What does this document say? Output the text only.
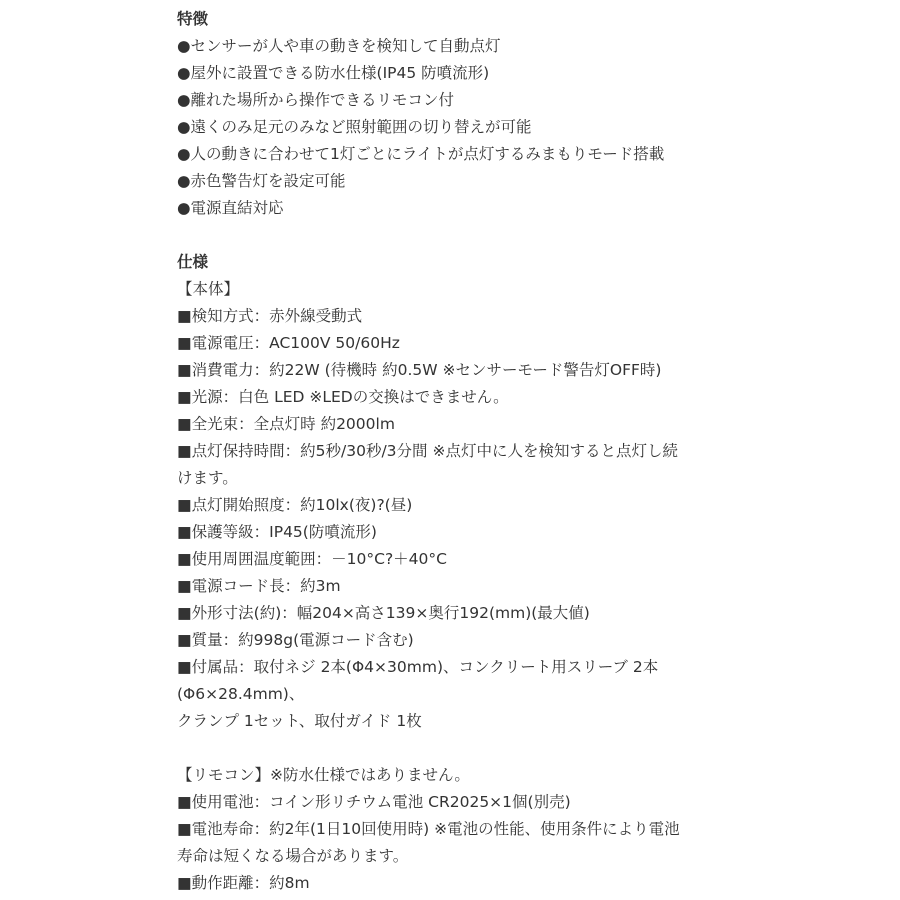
特徴
●センサーが人や車の動きを検知して自動点灯
●屋外に設置できる防水仕様(IP45 防噴流形)
●離れた場所から操作できるリモコン付
●遠くのみ足元のみなど照射範囲の切り替えが可能
●人の動きに合わせて1灯ごとにライトが点灯するみまもりモード搭載
●赤色警告灯を設定可能
●電源直結対応
仕様
【本体】
■検知方式：赤外線受動式
■電源電圧：AC100V 50/60Hz
■消費電力：約22W (待機時 約0.5W ※センサーモード警告灯OFF時)
■光源：白色 LED ※LEDの交換はできません。
■全光束：全点灯時 約2000lm
■点灯保持時間：約5秒/30秒/3分間 ※点灯中に人を検知すると点灯し続
けます。
■点灯開始照度：約10lx(夜)?(昼)
■保護等級：IP45(防噴流形)
■使用周囲温度範囲：－10°C?＋40°C
■電源コード長：約3m
■外形寸法(約)：幅204×高さ139×奥行192(mm)(最大値)
■質量：約998g(電源コード含む)
■付属品：取付ネジ 2本(Φ4×30mm)、コンクリート用スリーブ 2本
(Φ6×28.4mm)、
クランプ 1セット、取付ガイド 1枚
【リモコン】※防水仕様ではありません。
■使用電池：コイン形リチウム電池 CR2025×1個(別売)
■電池寿命：約2年(1日10回使用時) ※電池の性能、使用条件により電池
寿命は短くなる場合があります。
■動作距離：約8m
